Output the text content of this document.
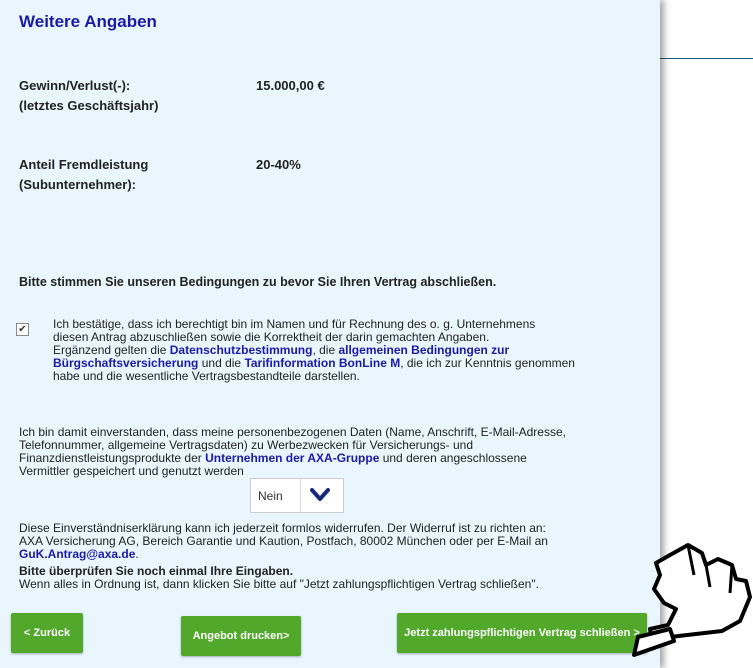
Weitere Angaben
Gewinn/Verlust(-):
(letztes Geschäftsjahr)
15.000,00 €
Anteil Fremdleistung
(Subunternehmer):
20-40%
Bitte stimmen Sie unseren Bedingungen zu bevor Sie Ihren Vertrag abschließen.
✔ Ich bestätige, dass ich berechtigt bin im Namen und für Rechnung des o. g. Unternehmens
diesen Antrag abzuschließen sowie die Korrektheit der darin gemachten Angaben.
Ergänzend gelten die Datenschutzbestimmung, die allgemeinen Bedingungen zur
Bürgschaftsversicherung und die Tarifinformation BonLine M, die ich zur Kenntnis genommen
habe und die wesentliche Vertragsbestandteile darstellen.
Ich bin damit einverstanden, dass meine personenbezogenen Daten (Name, Anschrift, E-Mail-Adresse,
Telefonnummer, allgemeine Vertragsdaten) zu Werbezwecken für Versicherungs- und
Finanzdienstleistungsprodukte der Unternehmen der AXA-Gruppe und deren angeschlossene
Vermittler gespeichert und genutzt werden
Nein
Diese Einverständniserklärung kann ich jederzeit formlos widerrufen. Der Widerruf ist zu richten an:
AXA Versicherung AG, Bereich Garantie und Kaution, Postfach, 80002 München oder per E-Mail an GuK.Antrag@axa.de.
Bitte überprüfen Sie noch einmal Ihre Eingaben.
Wenn alles in Ordnung ist, dann klicken Sie bitte auf "Jetzt zahlungspflichtigen Vertrag schließen".
< Zurück	Angebot drucken>	Jetzt zahlungspflichtigen Vertrag schließen >
